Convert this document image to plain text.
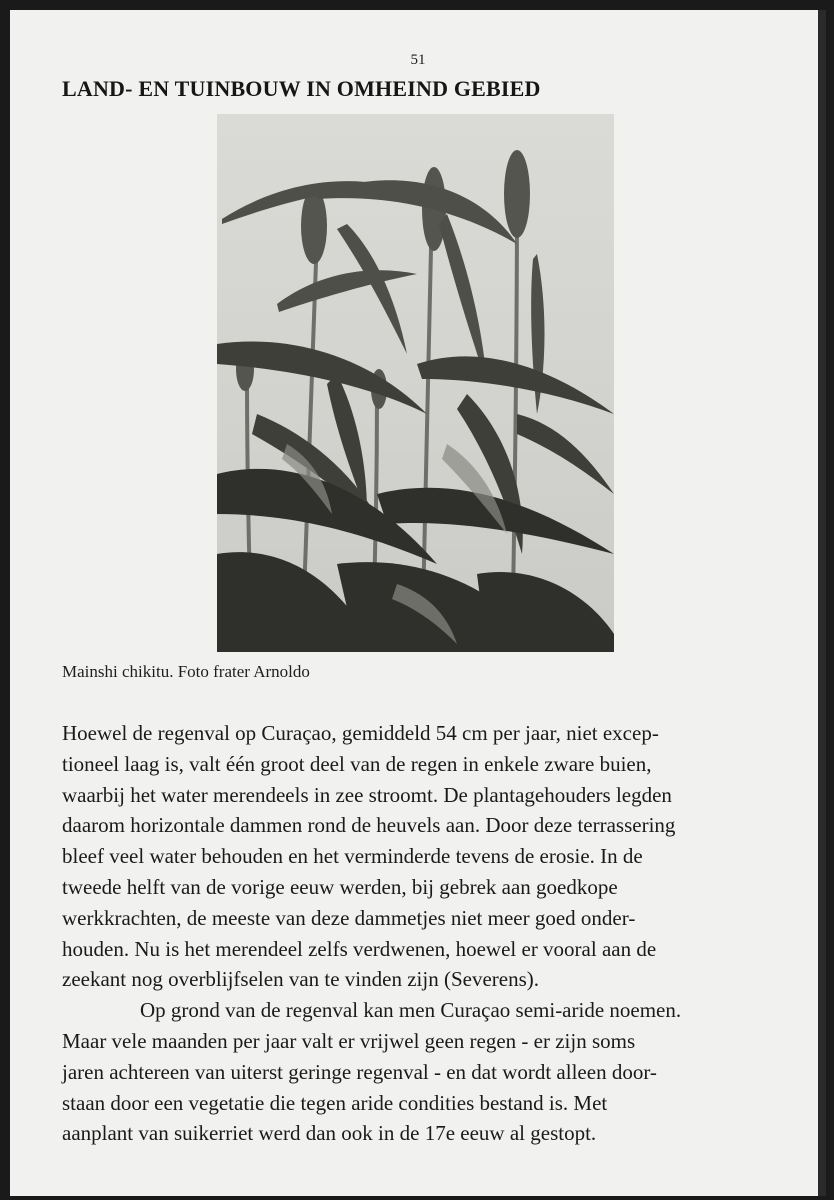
51
LAND- EN TUINBOUW IN OMHEIND GEBIED
Mainshi chikitu. Foto frater Arnoldo
Hoewel de regenval op Curaçao, gemiddeld 54 cm per jaar, niet excep-
tioneel laag is, valt één groot deel van de regen in enkele zware buien,
waarbij het water merendeels in zee stroomt. De plantagehouders legden
daarom horizontale dammen rond de heuvels aan. Door deze terrassering
bleef veel water behouden en het verminderde tevens de erosie. In de
tweede helft van de vorige eeuw werden, bij gebrek aan goedkope
werkkrachten, de meeste van deze dammetjes niet meer goed onder-
houden. Nu is het merendeel zelfs verdwenen, hoewel er vooral aan de
zeekant nog overblijfselen van te vinden zijn (Severens).
Op grond van de regenval kan men Curaçao semi-aride noemen.
Maar vele maanden per jaar valt er vrijwel geen regen - er zijn soms
jaren achtereen van uiterst geringe regenval - en dat wordt alleen door-
staan door een vegetatie die tegen aride condities bestand is. Met
aanplant van suikerriet werd dan ook in de 17e eeuw al gestopt.
